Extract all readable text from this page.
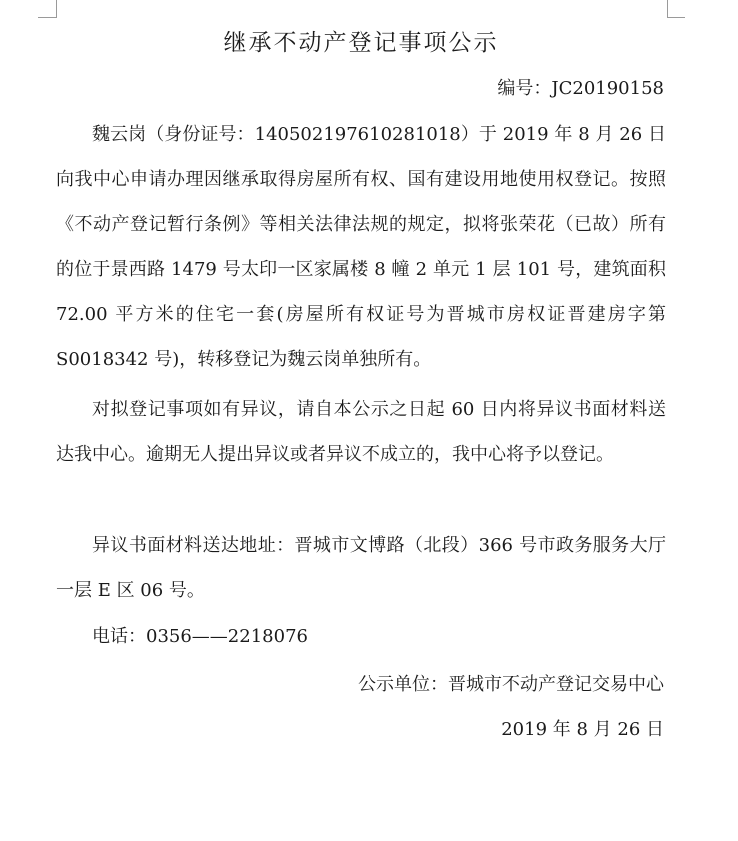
继承不动产登记事项公示
编号：JC20190158

魏云岗（身份证号：140502197610281018）于 2019 年 8 月 26 日向我中心申请办理因继承取得房屋所有权、国有建设用地使用权登记。按照《不动产登记暂行条例》等相关法律法规的规定，拟将张荣花（已故）所有的位于景西路 1479 号太印一区家属楼 8 幢 2 单元 1 层 101 号，建筑面积 72.00 平方米的住宅一套(房屋所有权证号为晋城市房权证晋建房字第 S0018342 号)，转移登记为魏云岗单独所有。

对拟登记事项如有异议，请自本公示之日起 60 日内将异议书面材料送达我中心。逾期无人提出异议或者异议不成立的，我中心将予以登记。

异议书面材料送达地址：晋城市文博路（北段）366 号市政务服务大厅一层 E 区 06 号。

电话：0356——2218076

公示单位：晋城市不动产登记交易中心
2019 年 8 月 26 日
